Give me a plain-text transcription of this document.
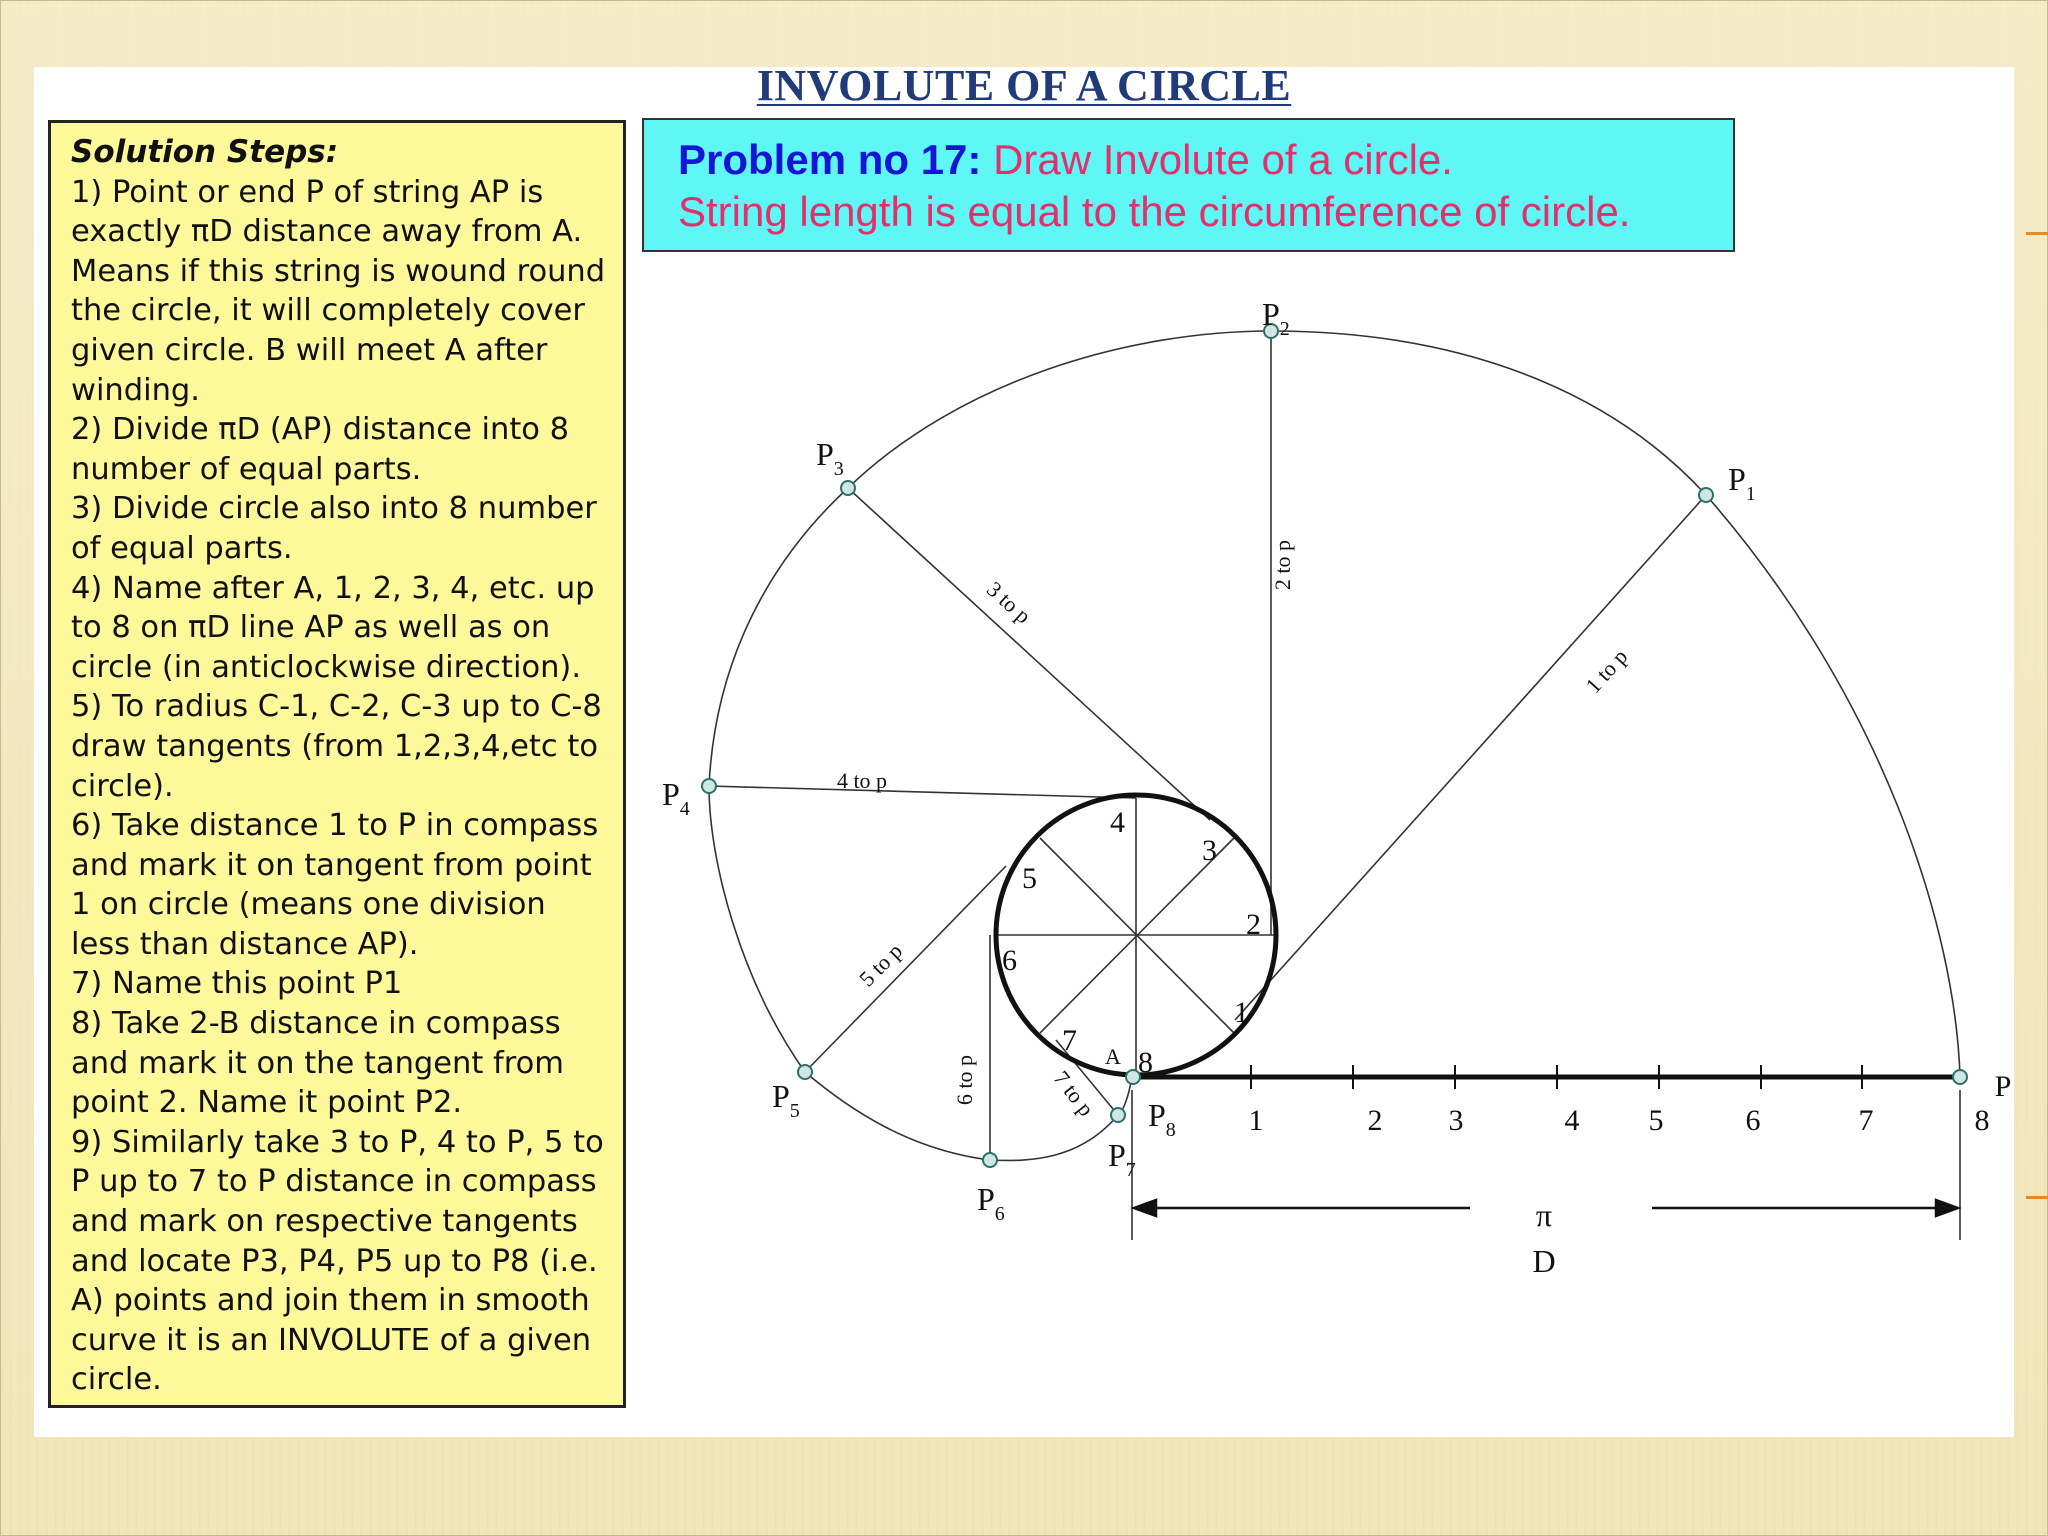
INVOLUTE OF A CIRCLE
Solution Steps:
1) Point or end P of string AP is exactly πD distance away from A. Means if this string is wound round the circle, it will completely cover given circle. B will meet A after winding.
2) Divide πD (AP) distance into 8 number of equal parts.
3) Divide circle also into 8 number of equal parts.
4) Name after A, 1, 2, 3, 4, etc. up to 8 on πD line AP as well as on circle (in anticlockwise direction).
5) To radius C-1, C-2, C-3 up to C-8 draw tangents (from 1,2,3,4,etc to circle).
6) Take distance 1 to P in compass and mark it on tangent from point 1 on circle (means one division less than distance AP).
7) Name this point P1
8) Take 2-B distance in compass and mark it on the tangent from point 2. Name it point P2.
9) Similarly take 3 to P, 4 to P, 5 to P up to 7 to P distance in compass and mark on respective tangents and locate P3, P4, P5 up to P8 (i.e. A) points and join them in smooth curve it is an INVOLUTE of a given circle.
Problem no 17: Draw Involute of a circle.
String length is equal to the circumference of circle.
1
2
3
4
5
6
7
8
A
1	2 3	4 5	6	7	8
P
$P_1$
$P_2$
$P_3$
$P_4$
$P_5$
$P_6$
$P_7$
$P_8$
1 to p
2 to p
3 to p
4 to p
5 to p
6 to p	7 to p
π
D
